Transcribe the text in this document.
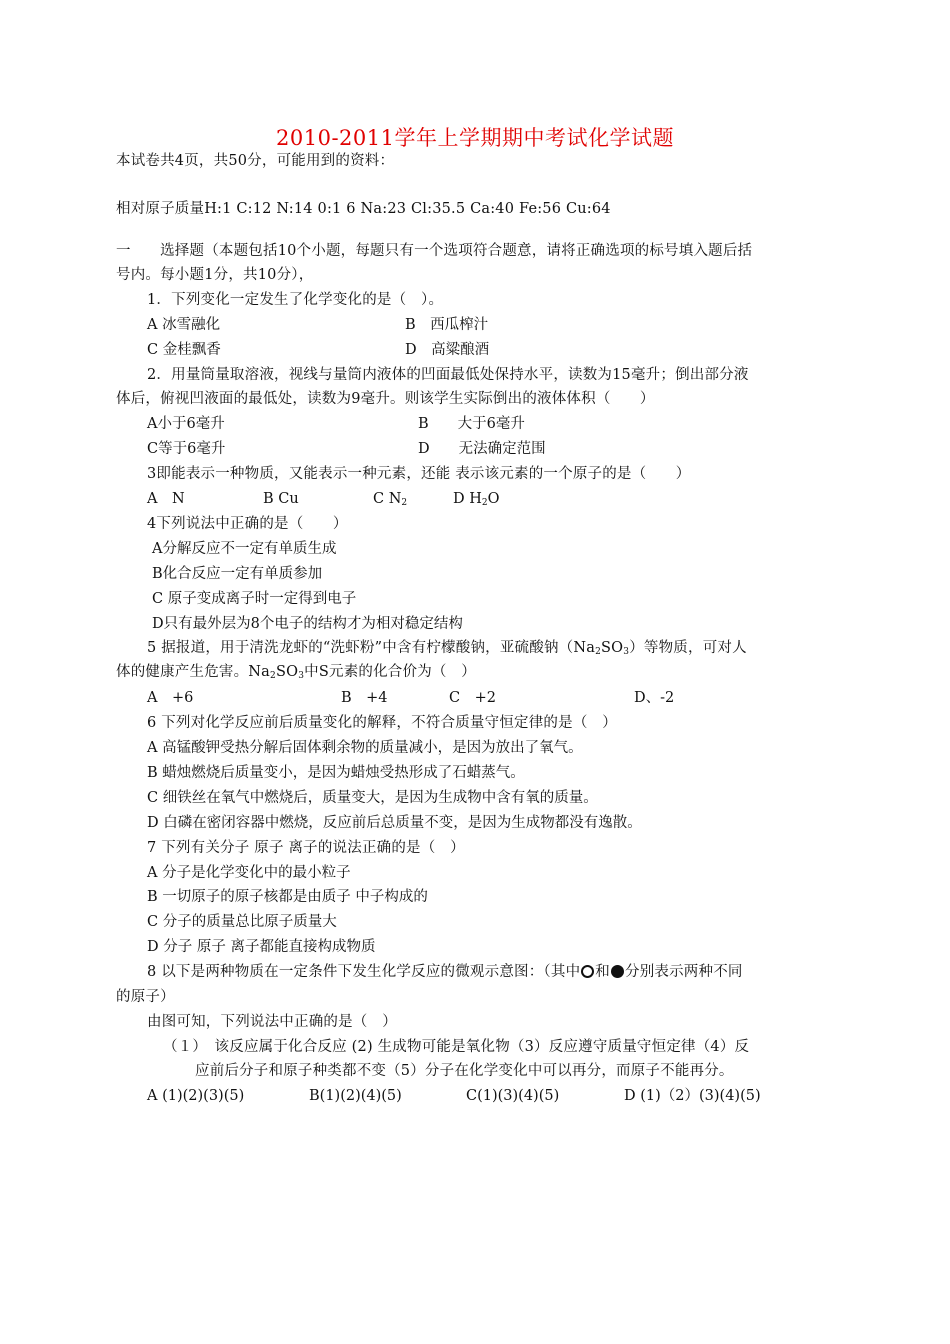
2010-2011学年上学期期中考试化学试题
本试卷共4页，共50分，可能用到的资料：
相对原子质量H:1 C:12 N:14 0:1 6 Na:23 Cl:35.5 Ca:40 Fe:56 Cu:64
一　　选择题（本题包括10个小题，每题只有一个选项符合题意，请将正确选项的标号填入题后括
号内。每小题1分，共10分），
1．下列变化一定发生了化学变化的是（　）。
A 冰雪融化	B　西瓜榨汁
C 金桂飘香	D　高粱酿酒
2．用量筒量取溶液，视线与量筒内液体的凹面最低处保持水平，读数为15毫升；倒出部分液
体后，俯视凹液面的最低处，读数为9毫升。则该学生实际倒出的液体体积（　　）
A小于6毫升	B　　大于6毫升
C等于6毫升	D　　无法确定范围
3即能表示一种物质，又能表示一种元素，还能 表示该元素的一个原子的是（　　）
A　N	B Cu	C $N_2$	D $H_2O$
4下列说法中正确的是（　　）
A分解反应不一定有单质生成
B化合反应一定有单质参加
C 原子变成离子时一定得到电子
D只有最外层为8个电子的结构才为相对稳定结构
5 据报道，用于清洗龙虾的“洗虾粉”中含有柠檬酸钠，亚硫酸钠$(Na_2SO_3)$等物质，可对人
体的健康产生危害。$Na_2SO_3$中S元素的化合价为（　）
A　+6	B　+4	C　+2	D、-2
6 下列对化学反应前后质量变化的解释，不符合质量守恒定律的是（　）
A 高锰酸钾受热分解后固体剩余物的质量减小，是因为放出了氧气。
B 蜡烛燃烧后质量变小，是因为蜡烛受热形成了石蜡蒸气。
C 细铁丝在氧气中燃烧后，质量变大，是因为生成物中含有氧的质量。
D 白磷在密闭容器中燃烧，反应前后总质量不变，是因为生成物都没有逸散。
7 下列有关分子 原子 离子的说法正确的是（　）
A 分子是化学变化中的最小粒子
B 一切原子的原子核都是由质子 中子构成的
C 分子的质量总比原子质量大
D 分子 原子 离子都能直接构成物质
8 以下是两种物质在一定条件下发生化学反应的微观示意图：（其中 和 分别表示两种不同
的原子）
由图可知，下列说法中正确的是（　）
（１）　该反应属于化合反应 (2) 生成物可能是氧化物（3）反应遵守质量守恒定律（4）反
应前后分子和原子种类都不变（5）分子在化学变化中可以再分，而原子不能再分。
A (1)(2)(3)(5)	B(1)(2)(4)(5)	C(1)(3)(4)(5)	D (1)（2）(3)(4)(5)
